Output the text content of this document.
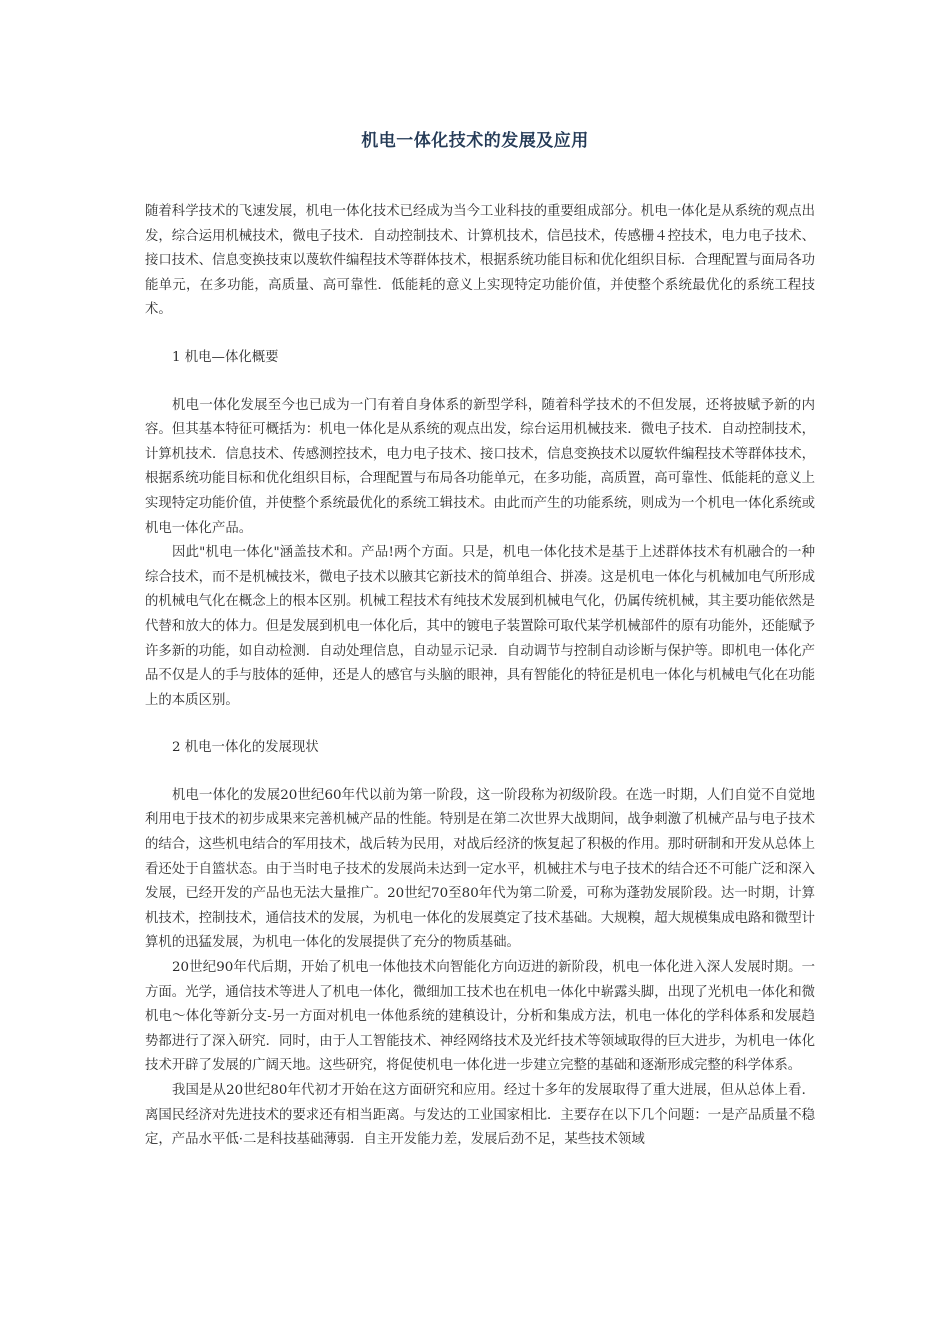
机电一体化技术的发展及应用

随着科学技术的飞速发展，机电一体化技术已经成为当今工业科技的重要组成部分。机电一体化是从系统的观点出发，综合运用机械技术，微电子技术．自动控制技术、计算机技术，信邑技术，传感栅４控技术，电力电子技术、接口技术、信息变换技束以蔑软件编程技术等群体技术，根据系统功能目标和优化组织目标．合理配置与面局各功能单元，在多功能，高质量、高可靠性．低能耗的意义上实现特定功能价值，并使整个系统最优化的系统工程技术。

1 机电—体化概要

机电一体化发展至今也已成为一门有着自身体系的新型学科，随着科学技术的不但发展，还将披赋予新的内容。但其基本特征可概括为：机电一体化是从系统的观点出发，综台运用机械技来．微电子技术．自动控制技术，计算机技术．信息技术、传感测控技术，电力电子技术、接口技术，信息变换技术以厦软件编程技术等群体技术，根据系统功能目标和优化组织目标，合理配置与布局各功能单元，在多功能，高质置，高可靠性、低能耗的意义上实现特定功能价值，并使整个系统最优化的系统工辑技术。由此而产生的功能系统，则成为一个机电一体化系统或机电一体化产品。

因此"机电一体化"涵盖技术和。产品!两个方面。只是，机电一体化技术是基于上述群体技术有机融合的一种综合技术，而不是机械技米，微电子技术以腋其它新技术的简单组合、拼凑。这是机电一体化与机械加电气所形成的机械电气化在概念上的根本区别。机械工程技术有纯技术发展到机械电气化，仍属传统机械，其主要功能依然是代替和放大的体力。但是发展到机电一体化后，其中的镀电子装置除可取代某学机械部件的原有功能外，还能赋予许多新的功能，如自动检测．自动处理信息，自动显示记录．自动调节与控制自动诊断与保护等。即机电一体化产品不仅是人的手与肢体的延伸，还是人的感官与头脑的眼神，具有智能化的特征是机电一体化与机械电气化在功能上的本质区别。

2 机电一体化的发展现状

机电一体化的发展20世纪60年代以前为第一阶段，这一阶段称为初级阶段。在选一时期，人们自觉不自觉地利用电于技术的初步成果来完善机械产品的性能。特别是在第二次世界大战期间，战争刺激了机械产品与电子技术的结合，这些机电结合的军用技术，战后转为民用，对战后经济的恢复起了积极的作用。那时研制和开发从总体上看还处于自篮状态。由于当时电子技术的发展尚未达到一定水平，机械拄术与电子技术的结合还不可能广泛和深入发展，已经开发的产品也无法大量推广。20世纪70至80年代为第二阶爰，可称为蓬勃发展阶段。达一时期，计算机技术，控制技术，通信技术的发展，为机电一体化的发展奠定了技术基础。大规糗，超大规模集成电路和微型计算机的迅猛发展，为机电一体化的发展提供了充分的物质基础。

20世纪90年代后期，开始了机电一体他技术向智能化方向迈进的新阶段，机电一体化进入深人发展时期。一方面。光学，通信技术等进人了机电一体化，微细加工技术也在机电一体化中崭露头脚，出现了光机电一体化和微机电～体化等新分支-另一方面对机电一体他系统的建稹设计，分析和集成方法，机电一体化的学科体系和发展趋势都进行了深入研究．同时，由于人工智能技术、神经网络技术及光纤技术等领域取得的巨大进步，为机电一体化技术开辟了发展的广阔天地。这些研究，将促使机电一体化进一步建立完整的基础和逐渐形成完整的科学体系。

我国是从20世纪80年代初才开始在这方面研究和应用。经过十多年的发展取得了重大进展，但从总体上看．离国民经济对先进技术的要求还有相当距离。与发达的工业国家相比．主要存在以下几个问题：一是产品质量不稳定，产品水平低·二是科技基础薄弱．自主开发能力差，发展后劲不足，某些技术领域
